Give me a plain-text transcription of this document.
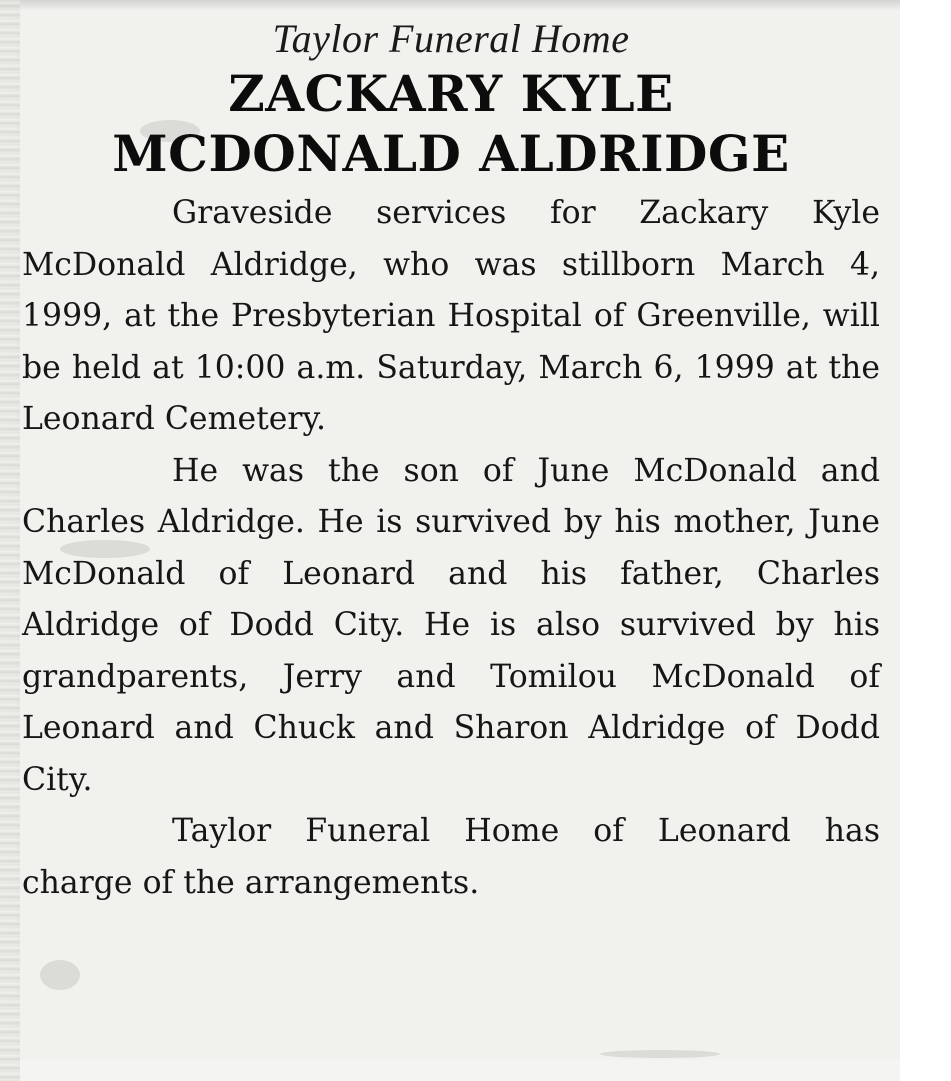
Taylor Funeral Home
ZACKARY KYLE
MCDONALD ALDRIDGE

Graveside services for Zackary Kyle McDonald Aldridge, who was stillborn March 4, 1999, at the Presbyterian Hospital of Greenville, will be held at 10:00 a.m. Saturday, March 6, 1999 at the Leonard Cemetery.

He was the son of June McDonald and Charles Aldridge. He is survived by his mother, June McDonald of Leonard and his father, Charles Aldridge of Dodd City. He is also survived by his grandparents, Jerry and Tomilou McDonald of Leonard and Chuck and Sharon Aldridge of Dodd City.

Taylor Funeral Home of Leonard has charge of the arrangements.
